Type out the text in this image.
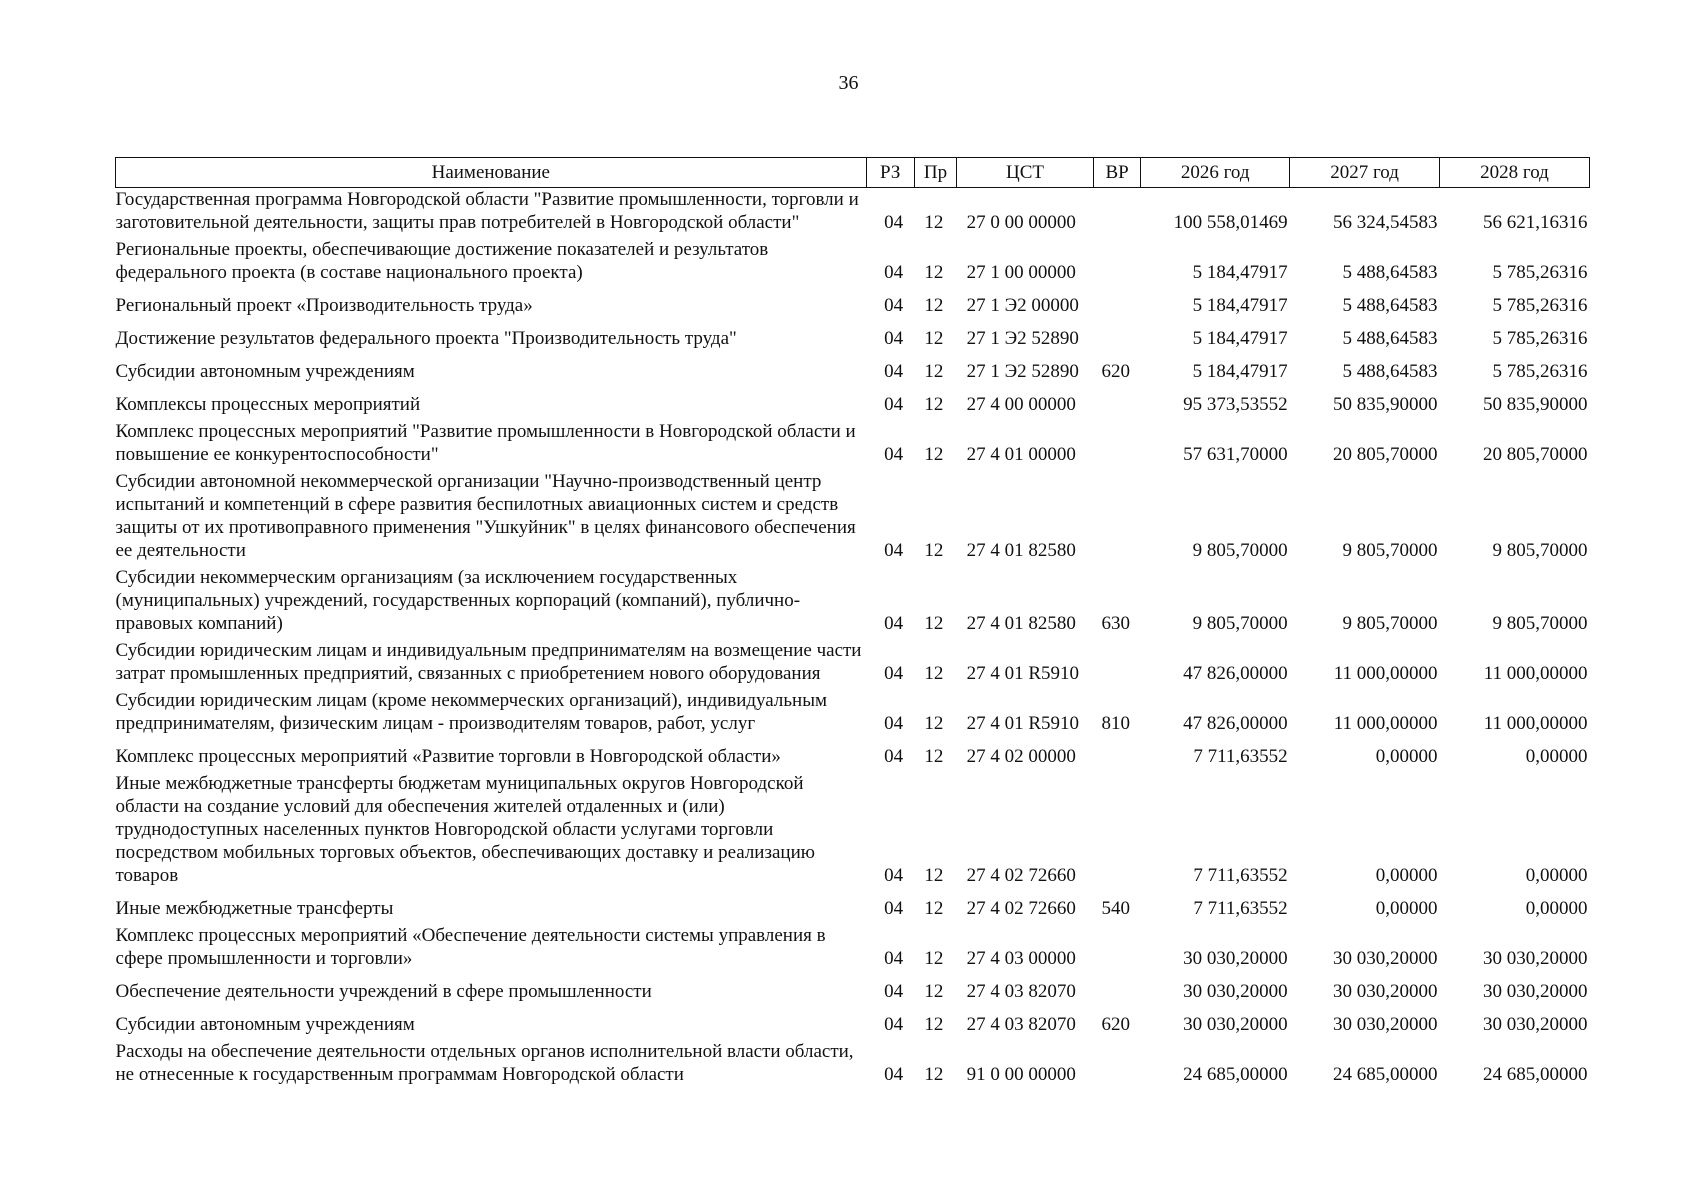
36
Наименование	РЗ	Пр	ЦСТ	ВР	2026 год	2027 год	2028 год
Государственная программа Новгородской области "Развитие промышленности, торговли и заготовительной деятельности, защиты прав потребителей в Новгородской области"	04	12	27 0 00 00000		100 558,01469	56 324,54583	56 621,16316
Региональные проекты, обеспечивающие достижение показателей и результатов федерального проекта (в составе национального проекта)	04	12	27 1 00 00000		5 184,47917	5 488,64583	5 785,26316
Региональный проект «Производительность труда»	04	12	27 1 Э2 00000		5 184,47917	5 488,64583	5 785,26316
Достижение результатов федерального проекта "Производительность труда"	04	12	27 1 Э2 52890		5 184,47917	5 488,64583	5 785,26316
Субсидии автономным учреждениям	04	12	27 1 Э2 52890	620	5 184,47917	5 488,64583	5 785,26316
Комплексы процессных мероприятий	04	12	27 4 00 00000		95 373,53552	50 835,90000	50 835,90000
Комплекс процессных мероприятий "Развитие промышленности в Новгородской области и повышение ее конкурентоспособности"	04	12	27 4 01 00000		57 631,70000	20 805,70000	20 805,70000
Субсидии автономной некоммерческой организации "Научно-производственный центр испытаний и компетенций в сфере развития беспилотных авиационных систем и средств защиты от их противоправного применения "Ушкуйник" в целях финансового обеспечения ее деятельности	04	12	27 4 01 82580		9 805,70000	9 805,70000	9 805,70000
Субсидии некоммерческим организациям (за исключением государственных (муниципальных) учреждений, государственных корпораций (компаний), публично-правовых компаний)	04	12	27 4 01 82580	630	9 805,70000	9 805,70000	9 805,70000
Субсидии юридическим лицам и индивидуальным предпринимателям на возмещение части затрат промышленных предприятий, связанных с приобретением нового оборудования	04	12	27 4 01 R5910		47 826,00000	11 000,00000	11 000,00000
Субсидии юридическим лицам (кроме некоммерческих организаций), индивидуальным предпринимателям, физическим лицам - производителям товаров, работ, услуг	04	12	27 4 01 R5910	810	47 826,00000	11 000,00000	11 000,00000
Комплекс процессных мероприятий «Развитие торговли в Новгородской области»	04	12	27 4 02 00000		7 711,63552	0,00000	0,00000
Иные межбюджетные трансферты бюджетам муниципальных округов Новгородской области на создание условий для обеспечения жителей отдаленных и (или) труднодоступных населенных пунктов Новгородской области услугами торговли посредством мобильных торговых объектов, обеспечивающих доставку и реализацию товаров	04	12	27 4 02 72660		7 711,63552	0,00000	0,00000
Иные межбюджетные трансферты	04	12	27 4 02 72660	540	7 711,63552	0,00000	0,00000
Комплекс процессных мероприятий «Обеспечение деятельности системы управления в сфере промышленности и торговли»	04	12	27 4 03 00000		30 030,20000	30 030,20000	30 030,20000
Обеспечение деятельности учреждений в сфере промышленности	04	12	27 4 03 82070		30 030,20000	30 030,20000	30 030,20000
Субсидии автономным учреждениям	04	12	27 4 03 82070	620	30 030,20000	30 030,20000	30 030,20000
Расходы на обеспечение деятельности отдельных органов исполнительной власти области, не отнесенные к государственным программам Новгородской области	04	12	91 0 00 00000		24 685,00000	24 685,00000	24 685,00000
